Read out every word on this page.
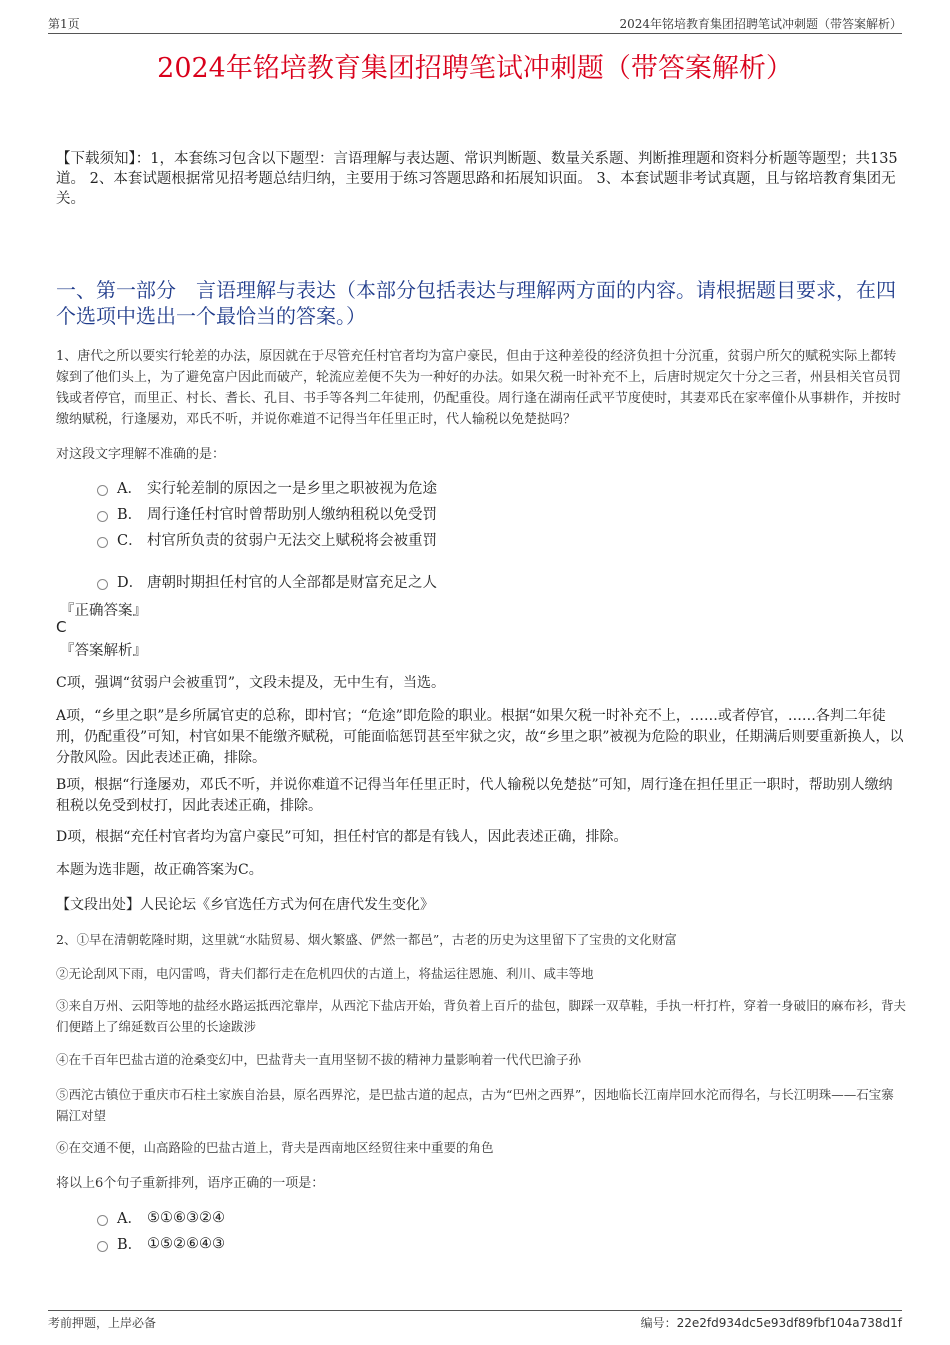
第1页	2024年铭培教育集团招聘笔试冲刺题（带答案解析）
2024年铭培教育集团招聘笔试冲刺题（带答案解析）
【下载须知】：1，本套练习包含以下题型：言语理解与表达题、常识判断题、数量关系题、判断推理题和资料分析题等题型；共135道。 2、本套试题根据常见招考题总结归纳，主要用于练习答题思路和拓展知识面。 3、本套试题非考试真题，且与铭培教育集团无关。
一、第一部分　言语理解与表达（本部分包括表达与理解两方面的内容。请根据题目要求，在四个选项中选出一个最恰当的答案。）
1、唐代之所以要实行轮差的办法，原因就在于尽管充任村官者均为富户豪民，但由于这种差役的经济负担十分沉重，贫弱户所欠的赋税实际上都转嫁到了他们头上，为了避免富户因此而破产，轮流应差便不失为一种好的办法。如果欠税一时补充不上，后唐时规定欠十分之三者，州县相关官员罚钱或者停官，而里正、村长、耆长、孔目、书手等各判二年徒刑，仍配重役。周行逢在湖南任武平节度使时，其妻邓氏在家率僮仆从事耕作，并按时缴纳赋税，行逢屡劝，邓氏不听，并说你难道不记得当年任里正时，代人输税以免楚挞吗？
对这段文字理解不准确的是：
A． 实行轮差制的原因之一是乡里之职被视为危途
B． 周行逢任村官时曾帮助别人缴纳租税以免受罚
C． 村官所负责的贫弱户无法交上赋税将会被重罚
D． 唐朝时期担任村官的人全部都是财富充足之人
『正确答案』
C
『答案解析』
C项，强调“贫弱户会被重罚”，文段未提及，无中生有，当选。
A项，“乡里之职”是乡所属官吏的总称，即村官；“危途”即危险的职业。根据“如果欠税一时补充不上，……或者停官，……各判二年徒刑，仍配重役”可知，村官如果不能缴齐赋税，可能面临惩罚甚至牢狱之灾，故“乡里之职”被视为危险的职业，任期满后则要重新换人，以分散风险。因此表述正确，排除。
B项，根据“行逢屡劝，邓氏不听，并说你难道不记得当年任里正时，代人输税以免楚挞”可知，周行逢在担任里正一职时，帮助别人缴纳租税以免受到杖打，因此表述正确，排除。
D项，根据“充任村官者均为富户豪民”可知，担任村官的都是有钱人，因此表述正确，排除。
本题为选非题，故正确答案为C。
【文段出处】人民论坛《乡官选任方式为何在唐代发生变化》
2、①早在清朝乾隆时期，这里就“水陆贸易、烟火繁盛、俨然一都邑”，古老的历史为这里留下了宝贵的文化财富
②无论刮风下雨，电闪雷鸣，背夫们都行走在危机四伏的古道上，将盐运往恩施、利川、咸丰等地
③来自万州、云阳等地的盐经水路运抵西沱靠岸，从西沱下盐店开始，背负着上百斤的盐包，脚踩一双草鞋，手执一杆打杵，穿着一身破旧的麻布衫，背夫们便踏上了绵延数百公里的长途跋涉
④在千百年巴盐古道的沧桑变幻中，巴盐背夫一直用坚韧不拔的精神力量影响着一代代巴渝子孙
⑤西沱古镇位于重庆市石柱土家族自治县，原名西界沱，是巴盐古道的起点，古为“巴州之西界”，因地临长江南岸回水沱而得名，与长江明珠——石宝寨隔江对望
⑥在交通不便，山高路险的巴盐古道上，背夫是西南地区经贸往来中重要的角色
将以上6个句子重新排列，语序正确的一项是：
A． ⑤①⑥③②④
B． ①⑤②⑥④③
考前押题，上岸必备	编号：22e2fd934dc5e93df89fbf104a738d1f
